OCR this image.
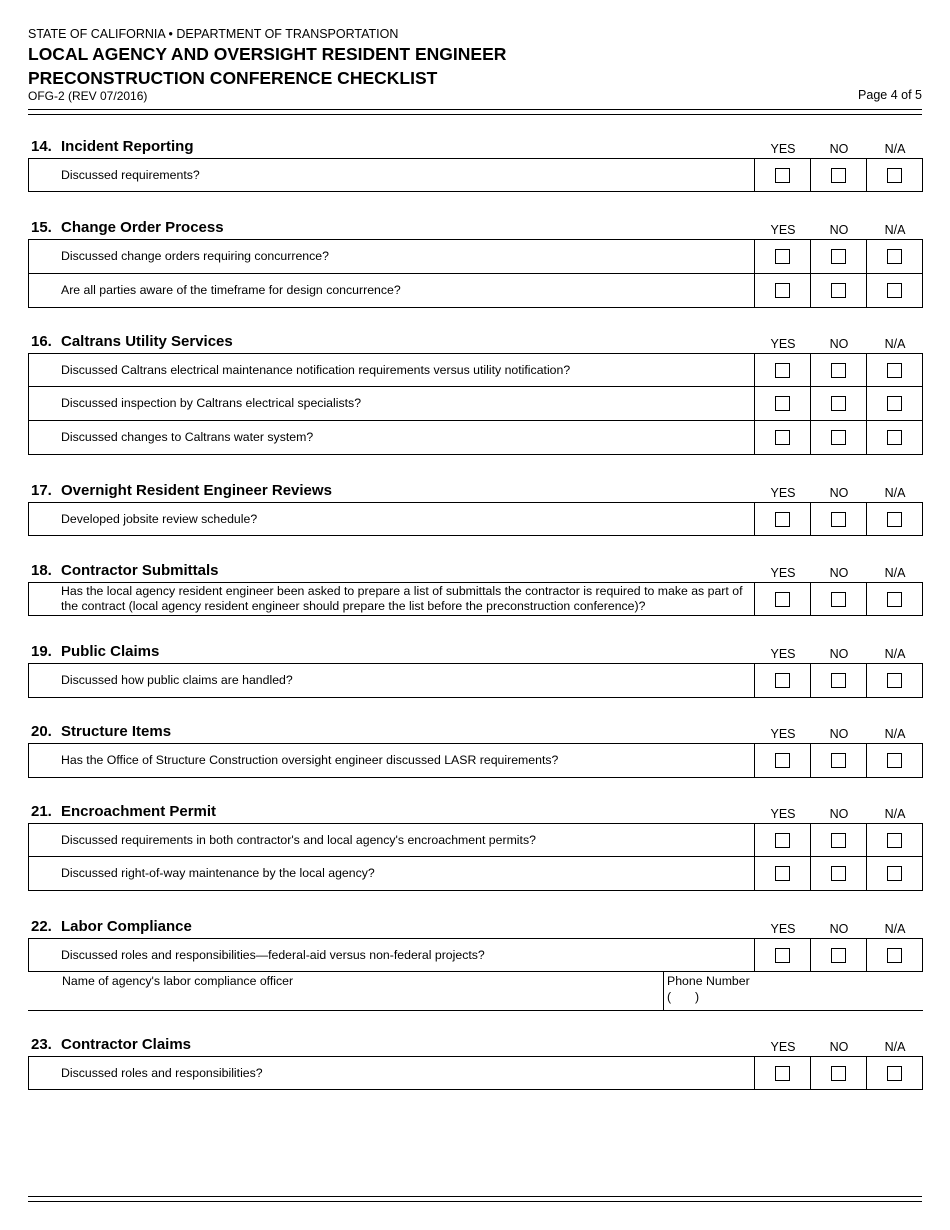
STATE OF CALIFORNIA • DEPARTMENT OF TRANSPORTATION
LOCAL AGENCY AND OVERSIGHT RESIDENT ENGINEER
PRECONSTRUCTION CONFERENCE CHECKLIST
OFG-2 (REV 07/2016)	Page 4 of 5
14. Incident Reporting	YES	NO	N/A
Discussed requirements?
15. Change Order Process	YES	NO	N/A
Discussed change orders requiring concurrence?
Are all parties aware of the timeframe for design concurrence?
16. Caltrans Utility Services	YES	NO	N/A
Discussed Caltrans electrical maintenance notification requirements versus utility notification?
Discussed inspection by Caltrans electrical specialists?
Discussed changes to Caltrans water system?
17. Overnight Resident Engineer Reviews	YES	NO	N/A
Developed jobsite review schedule?
18. Contractor Submittals	YES	NO	N/A
Has the local agency resident engineer been asked to prepare a list of submittals the contractor is required to make as part of the contract (local agency resident engineer should prepare the list before the preconstruction conference)?
19. Public Claims	YES	NO	N/A
Discussed how public claims are handled?
20. Structure Items	YES	NO	N/A
Has the Office of Structure Construction oversight engineer discussed LASR requirements?
21. Encroachment Permit	YES	NO	N/A
Discussed requirements in both contractor's and local agency's encroachment permits?
Discussed right-of-way maintenance by the local agency?
22. Labor Compliance	YES	NO	N/A
Discussed roles and responsibilities—federal-aid versus non-federal projects?
Name of agency's labor compliance officer	Phone Number
(       )
23. Contractor Claims	YES	NO	N/A
Discussed roles and responsibilities?
